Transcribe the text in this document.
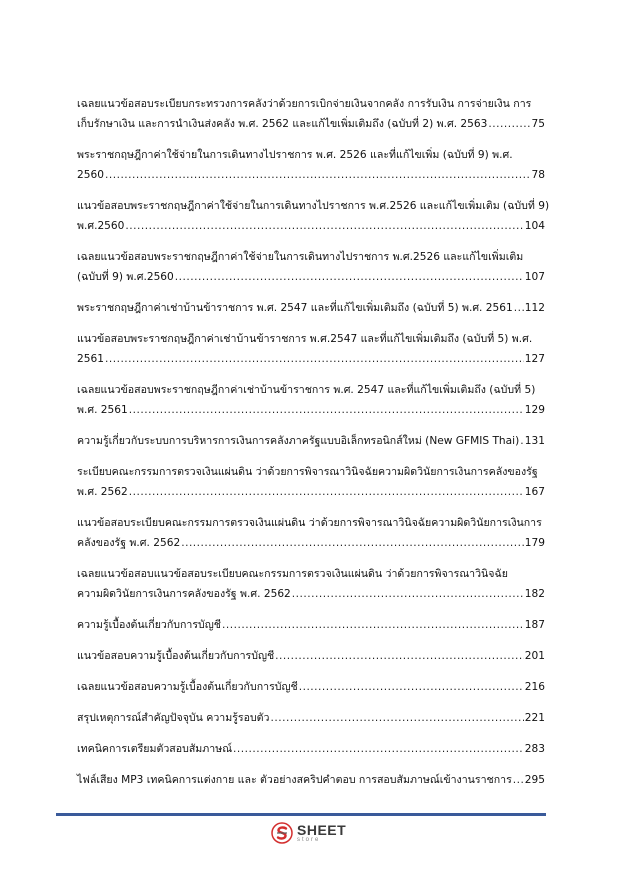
เฉลยแนวข้อสอบระเบียบกระทรวงการคลังว่าด้วยการเบิกจ่ายเงินจากคลัง การรับเงิน การจ่ายเงิน การ
เก็บรักษาเงิน และการนำเงินส่งคลัง พ.ศ. 2562 และแก้ไขเพิ่มเติมถึง (ฉบับที่ 2) พ.ศ. 2563 .....	75
พระราชกฤษฎีกาค่าใช้จ่ายในการเดินทางไปราชการ พ.ศ. 2526 และที่แก้ไขเพิ่ม (ฉบับที่ 9) พ.ศ.
2560 .....	78
แนวข้อสอบพระราชกฤษฎีกาค่าใช้จ่ายในการเดินทางไปราชการ พ.ศ.2526 และแก้ไขเพิ่มเติม (ฉบับที่ 9)
พ.ศ.2560 .....	104
เฉลยแนวข้อสอบพระราชกฤษฎีกาค่าใช้จ่ายในการเดินทางไปราชการ พ.ศ.2526 และแก้ไขเพิ่มเติม
(ฉบับที่ 9) พ.ศ.2560 .....	107
พระราชกฤษฎีกาค่าเช่าบ้านข้าราชการ พ.ศ. 2547 และที่แก้ไขเพิ่มเติมถึง (ฉบับที่ 5) พ.ศ. 2561 ..... 112
แนวข้อสอบพระราชกฤษฎีกาค่าเช่าบ้านข้าราชการ พ.ศ.2547 และที่แก้ไขเพิ่มเติมถึง (ฉบับที่ 5) พ.ศ.
2561 .....	127
เฉลยแนวข้อสอบพระราชกฤษฎีกาค่าเช่าบ้านข้าราชการ พ.ศ. 2547 และที่แก้ไขเพิ่มเติมถึง (ฉบับที่ 5)
พ.ศ. 2561 .....	129
ความรู้เกี่ยวกับระบบการบริหารการเงินการคลังภาครัฐแบบอิเล็กทรอนิกส์ใหม่ (New GFMIS Thai) ..... 131
ระเบียบคณะกรรมการตรวจเงินแผ่นดิน ว่าด้วยการพิจารณาวินิจฉัยความผิดวินัยการเงินการคลังของรัฐ
พ.ศ. 2562 .....	167
แนวข้อสอบระเบียบคณะกรรมการตรวจเงินแผ่นดิน ว่าด้วยการพิจารณาวินิจฉัยความผิดวินัยการเงินการ
คลังของรัฐ พ.ศ. 2562 .....	179
เฉลยแนวข้อสอบแนวข้อสอบระเบียบคณะกรรมการตรวจเงินแผ่นดิน ว่าด้วยการพิจารณาวินิจฉัย
ความผิดวินัยการเงินการคลังของรัฐ พ.ศ. 2562 .....	182
ความรู้เบื้องต้นเกี่ยวกับการบัญชี .....	187
แนวข้อสอบความรู้เบื้องต้นเกี่ยวกับการบัญชี .....	201
เฉลยแนวข้อสอบความรู้เบื้องต้นเกี่ยวกับการบัญชี .....	216
สรุปเหตุการณ์สำคัญปัจจุบัน ความรู้รอบตัว .....	221
เทคนิคการเตรียมตัวสอบสัมภาษณ์ .....	283
ไฟล์เสียง MP3 เทคนิคการแต่งกาย และ ตัวอย่างสคริปคำตอบ การสอบสัมภาษณ์เข้างานราชการ ..... 295
SHEET
store
